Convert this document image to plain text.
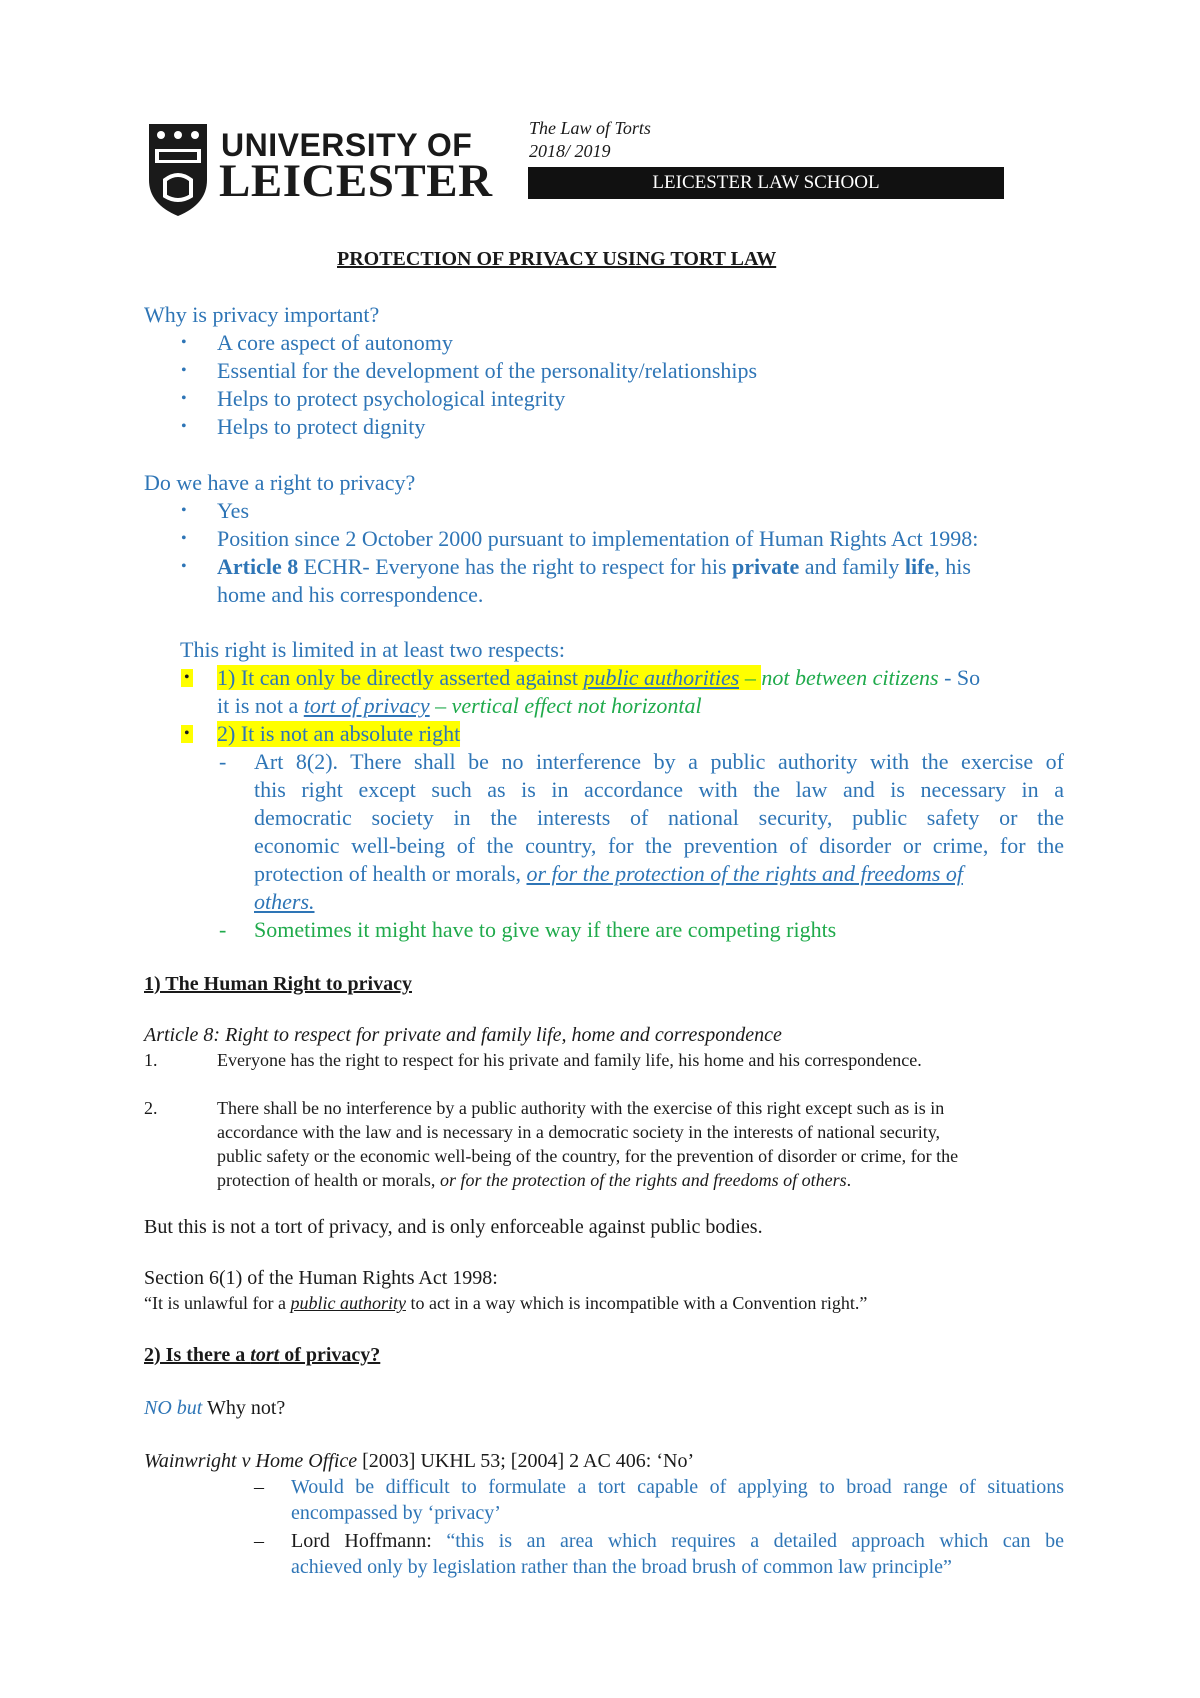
UNIVERSITY OF
LEICESTER
The Law of Torts
2018/ 2019
LEICESTER LAW SCHOOL
PROTECTION OF PRIVACY USING TORT LAW
Why is privacy important?
• A core aspect of autonomy
• Essential for the development of the personality/relationships
• Helps to protect psychological integrity
• Helps to protect dignity
Do we have a right to privacy?
• Yes
• Position since 2 October 2000 pursuant to implementation of Human Rights Act 1998:
• Article 8 ECHR- Everyone has the right to respect for his private and family life, his
home and his correspondence.
This right is limited in at least two respects:
• 1) It can only be directly asserted against public authorities – not between citizens - So
it is not a tort of privacy – vertical effect not horizontal
• 2) It is not an absolute right
- Art 8(2). There shall be no interference by a public authority with the exercise of
this right except such as is in accordance with the law and is necessary in a
democratic society in the interests of national security, public safety or the
economic well-being of the country, for the prevention of disorder or crime, for the
protection of health or morals, or for the protection of the rights and freedoms of
others.
- Sometimes it might have to give way if there are competing rights
1) The Human Right to privacy
Article 8: Right to respect for private and family life, home and correspondence
1.	Everyone has the right to respect for his private and family life, his home and his correspondence.
2.	There shall be no interference by a public authority with the exercise of this right except such as is in
accordance with the law and is necessary in a democratic society in the interests of national security,
public safety or the economic well-being of the country, for the prevention of disorder or crime, for the
protection of health or morals, or for the protection of the rights and freedoms of others.
But this is not a tort of privacy, and is only enforceable against public bodies.
Section 6(1) of the Human Rights Act 1998:
“It is unlawful for a public authority to act in a way which is incompatible with a Convention right.”
2) Is there a tort of privacy?
NO but Why not?
Wainwright v Home Office [2003] UKHL 53; [2004] 2 AC 406: ‘No’
– Would be difficult to formulate a tort capable of applying to broad range of situations
encompassed by ‘privacy’
– Lord Hoffmann: “this is an area which requires a detailed approach which can be
achieved only by legislation rather than the broad brush of common law principle”
